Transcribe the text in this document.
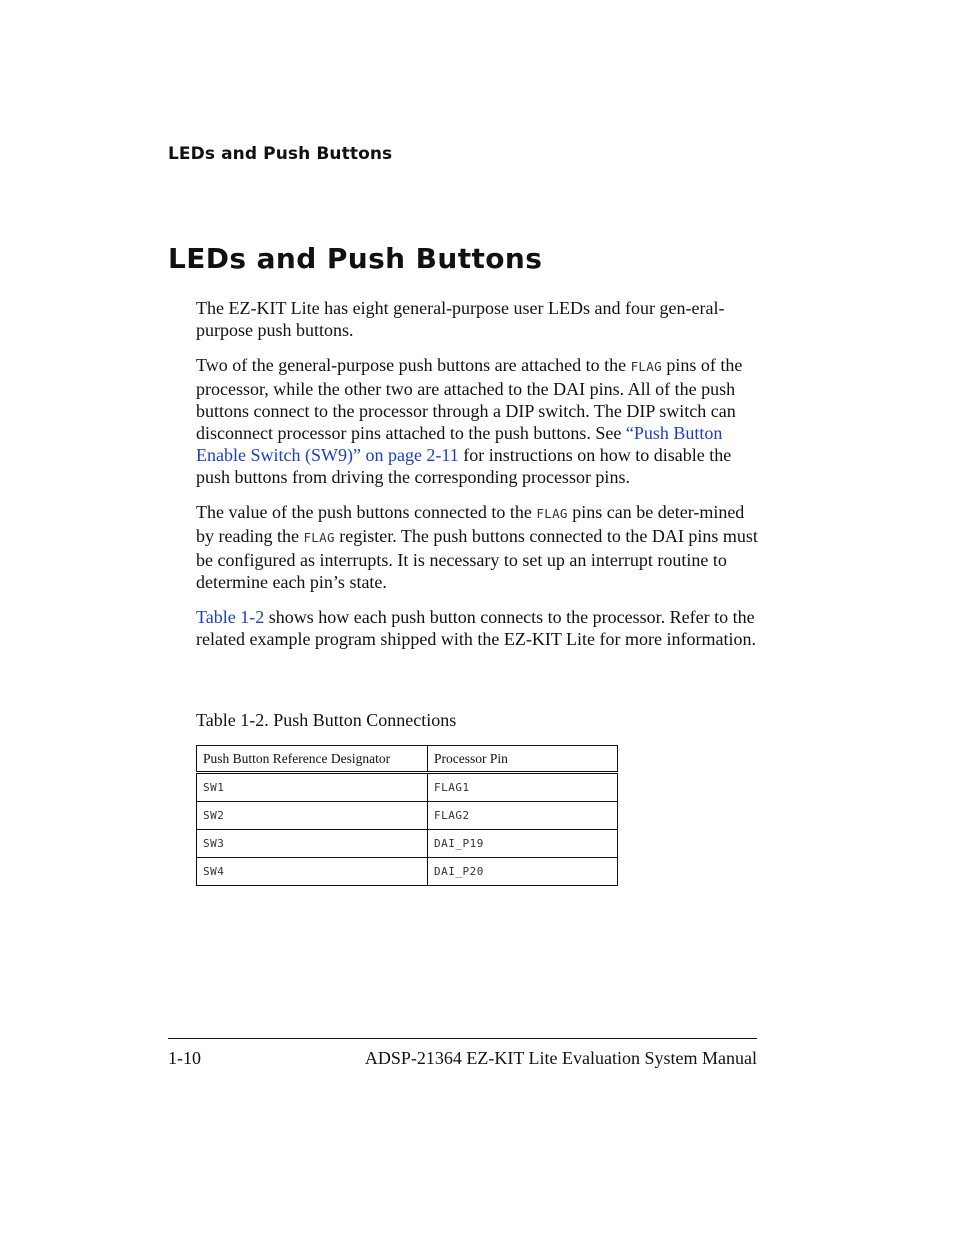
LEDs and Push Buttons
LEDs and Push Buttons

The EZ-KIT Lite has eight general-purpose user LEDs and four gen-eral-purpose push buttons.

Two of the general-purpose push buttons are attached to the FLAG pins of the processor, while the other two are attached to the DAI pins. All of the push buttons connect to the processor through a DIP switch. The DIP switch can disconnect processor pins attached to the push buttons. See “Push Button Enable Switch (SW9)” on page 2-11 for instructions on how to disable the push buttons from driving the corresponding processor pins.

The value of the push buttons connected to the FLAG pins can be deter-mined by reading the FLAG register. The push buttons connected to the DAI pins must be configured as interrupts. It is necessary to set up an interrupt routine to determine each pin’s state.

Table 1-2 shows how each push button connects to the processor. Refer to the related example program shipped with the EZ-KIT Lite for more information.

Table 1-2. Push Button Connections
Push Button Reference Designator	Processor Pin
SW1	FLAG1
SW2	FLAG2
SW3	DAI_P19
SW4	DAI_P20
1-10	ADSP-21364 EZ-KIT Lite Evaluation System Manual
